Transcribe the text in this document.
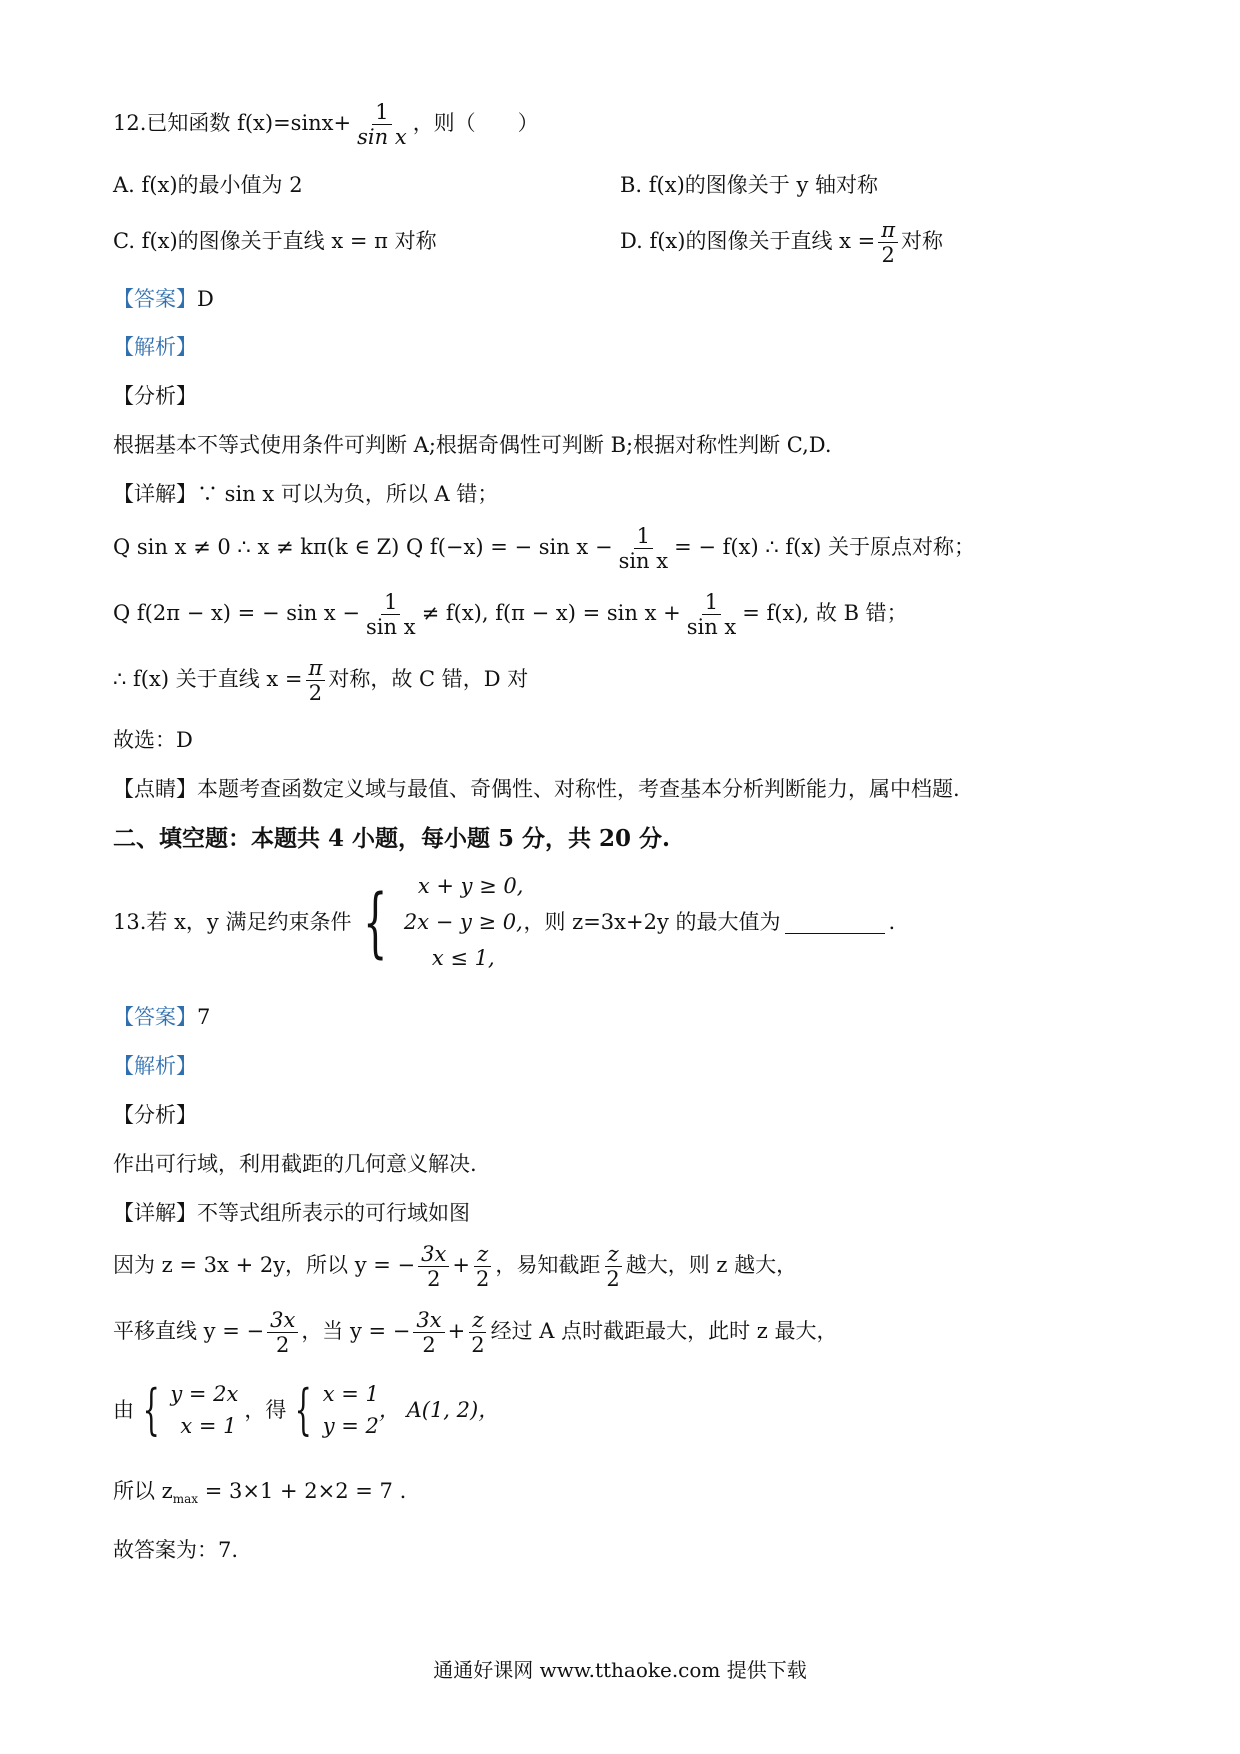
12.已知函数 $f(x)=\sin x+ \frac{1}{\text{sin x}}$ ，则（　　）
A. f(x)的最小值为 2	B. f(x)的图像关于 y 轴对称
C. f(x)的图像关于直线 x = π 对称	D. f(x)的图像关于直线 $x = \frac{\pi}{2}$ 对称
【答案】D
【解析】
【分析】
根据基本不等式使用条件可判断 A;根据奇偶性可判断 B;根据对称性判断 C,D.
【详解】∵ sin x 可以为负，所以 A 错；
Q sin x ≠ 0 ∴ x ≠ kπ(k ∈ Z) Q f(−x) = − $\sin x - \frac{1}{\text{sin x}}$ = − f(x) ∴ f(x) 关于原点对称；
Q f(2π − x) = − $\sin x - \frac{1}{\text{sin x}} \ne f(x)$, $f(\pi - x) = \sin x + \frac{1}{\text{sin x}} = f(x)$, 故 B 错；
∴ f(x) 关于直线 $x = \frac{\pi}{2}$ 对称，故 C 错，D 对
故选：D
【点睛】本题考查函数定义域与最值、奇偶性、对称性，考查基本分析判断能力，属中档题.
二、填空题：本题共 4 小题，每小题 5 分，共 20 分.
13.若 x，y 满足约束条件 {	x + y ≥ 0,
2x − y ≥ 0,
x ≤ 1,
，则 z=3x+2y 的最大值为	.
【答案】7
【解析】
【分析】
作出可行域，利用截距的几何意义解决.
【详解】不等式组所表示的可行域如图
因为 z = 3x + 2y，所以 y = − $\frac{3x}{2} + \frac{z}{2}$ ，易知截距 $\frac{z}{2}$ 越大，则 z 越大，
平移直线 y = − $\frac{3x}{2}$ ，当 y = − $\frac{3x}{2} + \frac{z}{2}$ 经过 A 点时截距最大，此时 z 最大，
由 { y = 2x
x = 1
，得 { x = 1
y = 2
， A(1, 2)，
所以 $z_{max} = 3\times 1 + 2\times 2 = 7$ .
故答案为：7.
通通好课网 www.tthaoke.com 提供下载
